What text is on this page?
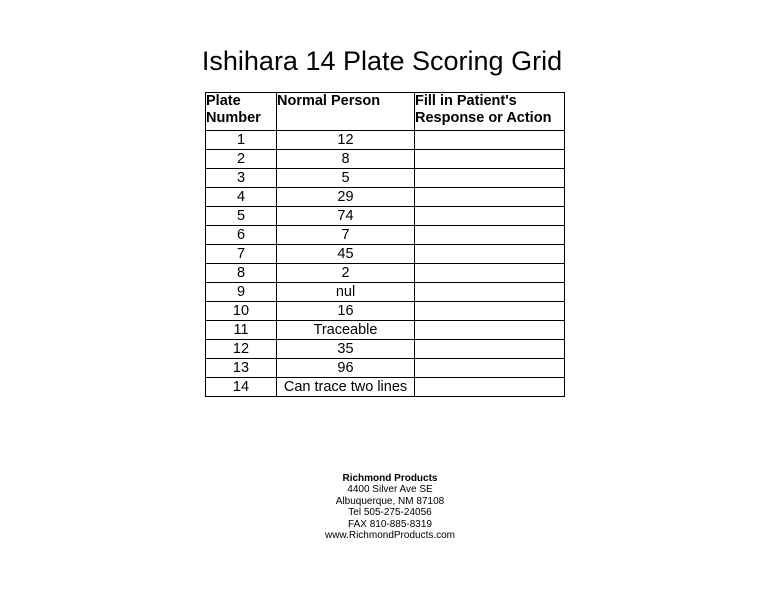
Ishihara 14 Plate Scoring Grid
Plate
Number	Normal Person	Fill in Patient's
Response or Action
1	12	
2	8	
3	5	
4	29	
5	74	
6	7	
7	45	
8	2	
9	nul	
10	16	
11	Traceable	
12	35	
13	96	
14	Can trace two lines	
Richmond Products
4400 Silver Ave SE
Albuquerque, NM 87108
Tel 505-275-24056
FAX 810-885-8319
www.RichmondProducts.com
